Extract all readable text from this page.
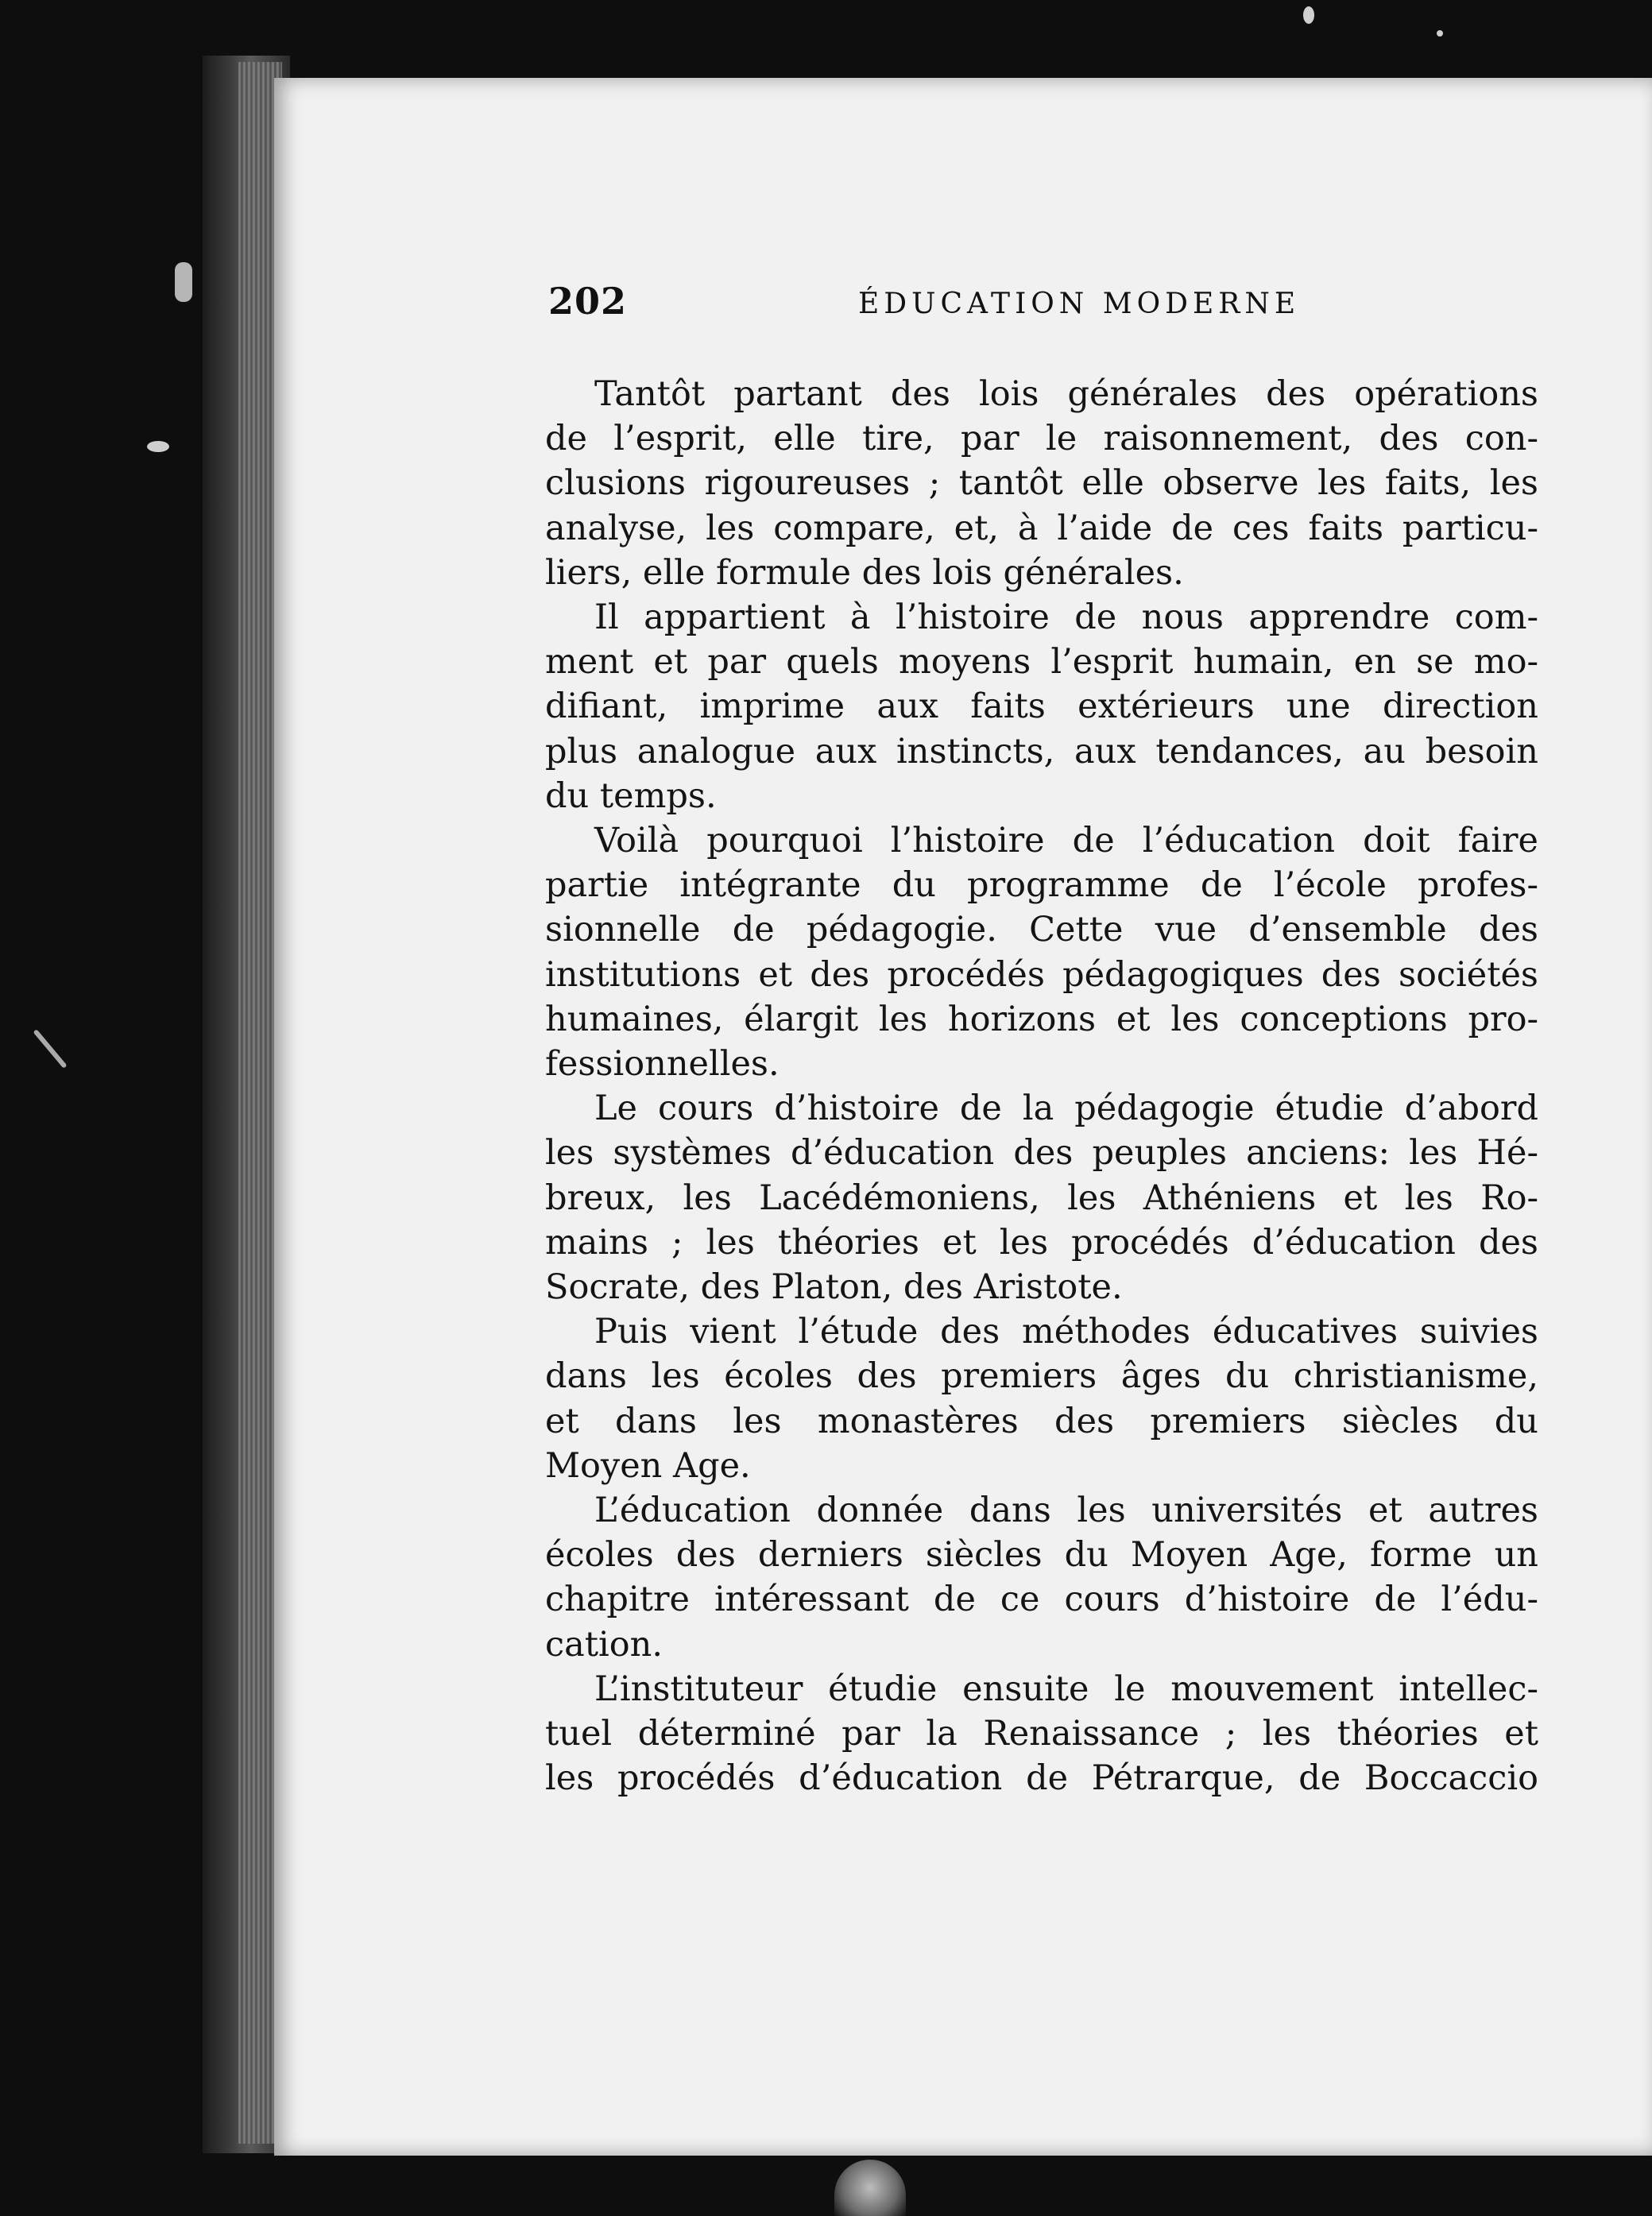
202	ÉDUCATION MODERNE
Tantôt partant des lois générales des opérations
de l’esprit, elle tire, par le raisonnement, des con-
clusions rigoureuses ; tantôt elle observe les faits, les
analyse, les compare, et, à l’aide de ces faits particu-
liers, elle formule des lois générales.
Il appartient à l’histoire de nous apprendre com-
ment et par quels moyens l’esprit humain, en se mo-
difiant, imprime aux faits extérieurs une direction
plus analogue aux instincts, aux tendances, au besoin
du temps.
Voilà pourquoi l’histoire de l’éducation doit faire
partie intégrante du programme de l’école profes-
sionnelle de pédagogie. Cette vue d’ensemble des
institutions et des procédés pédagogiques des sociétés
humaines, élargit les horizons et les conceptions pro-
fessionnelles.
Le cours d’histoire de la pédagogie étudie d’abord
les systèmes d’éducation des peuples anciens: les Hé-
breux, les Lacédémoniens, les Athéniens et les Ro-
mains ; les théories et les procédés d’éducation des
Socrate, des Platon, des Aristote.
Puis vient l’étude des méthodes éducatives suivies
dans les écoles des premiers âges du christianisme,
et dans les monastères des premiers siècles du
Moyen Age.
L’éducation donnée dans les universités et autres
écoles des derniers siècles du Moyen Age, forme un
chapitre intéressant de ce cours d’histoire de l’édu-
cation.
L’instituteur étudie ensuite le mouvement intellec-
tuel déterminé par la Renaissance ; les théories et
les procédés d’éducation de Pétrarque, de Boccaccio
